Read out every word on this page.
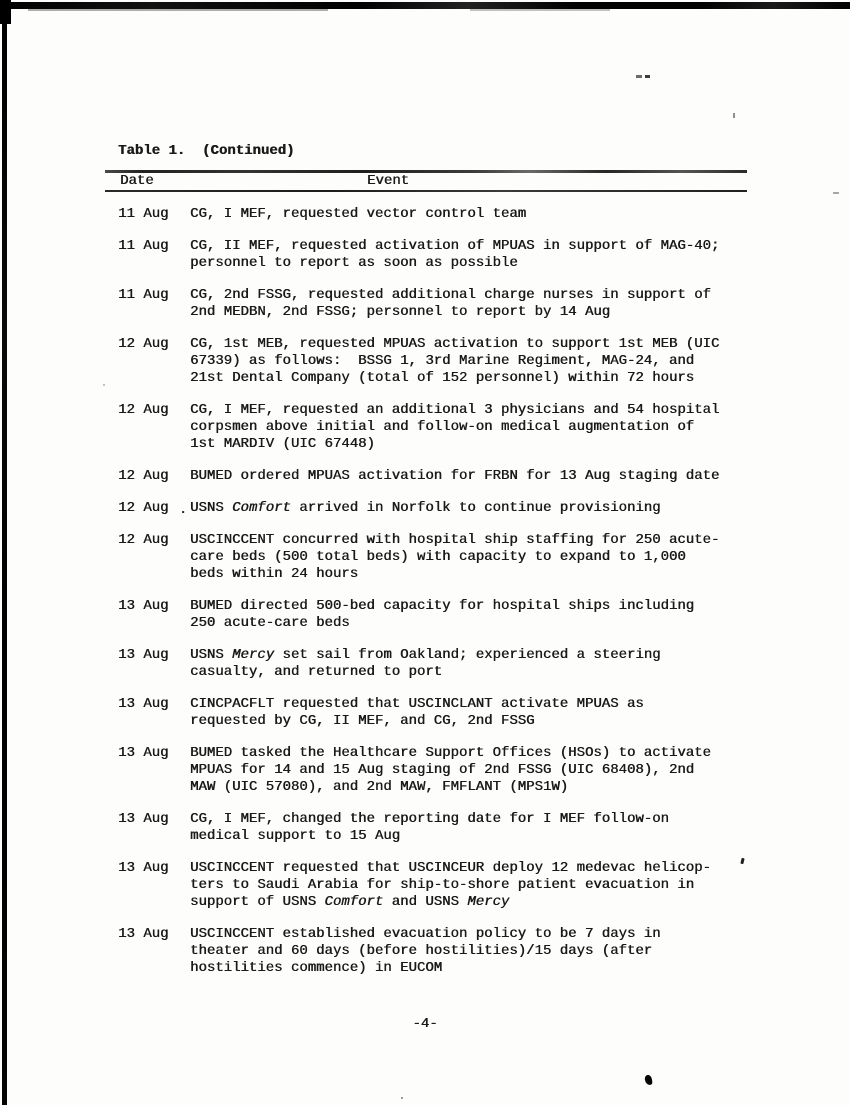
Table 1.  (Continued)
Date	Event
11 Aug CG, I MEF, requested vector control team
11 Aug CG, II MEF, requested activation of MPUAS in support of MAG-40;
personnel to report as soon as possible
11 Aug CG, 2nd FSSG, requested additional charge nurses in support of
2nd MEDBN, 2nd FSSG; personnel to report by 14 Aug
12 Aug CG, 1st MEB, requested MPUAS activation to support 1st MEB (UIC
67339) as follows:  BSSG 1, 3rd Marine Regiment, MAG-24, and
21st Dental Company (total of 152 personnel) within 72 hours
12 Aug CG, I MEF, requested an additional 3 physicians and 54 hospital
corpsmen above initial and follow-on medical augmentation of
1st MARDIV (UIC 67448)
12 Aug BUMED ordered MPUAS activation for FRBN for 13 Aug staging date
12 Aug . USNS Comfort arrived in Norfolk to continue provisioning
12 Aug USCINCCENT concurred with hospital ship staffing for 250 acute-
care beds (500 total beds) with capacity to expand to 1,000
beds within 24 hours
13 Aug BUMED directed 500-bed capacity for hospital ships including
250 acute-care beds
13 Aug USNS Mercy set sail from Oakland; experienced a steering
casualty, and returned to port
13 Aug CINCPACFLT requested that USCINCLANT activate MPUAS as
requested by CG, II MEF, and CG, 2nd FSSG
13 Aug BUMED tasked the Healthcare Support Offices (HSOs) to activate
MPUAS for 14 and 15 Aug staging of 2nd FSSG (UIC 68408), 2nd
MAW (UIC 57080), and 2nd MAW, FMFLANT (MPS1W)
13 Aug CG, I MEF, changed the reporting date for I MEF follow-on
medical support to 15 Aug
13 Aug USCINCCENT requested that USCINCEUR deploy 12 medevac helicop-
ters to Saudi Arabia for ship-to-shore patient evacuation in
support of USNS Comfort and USNS Mercy
13 Aug USCINCCENT established evacuation policy to be 7 days in
theater and 60 days (before hostilities)/15 days (after
hostilities commence) in EUCOM
-4-
